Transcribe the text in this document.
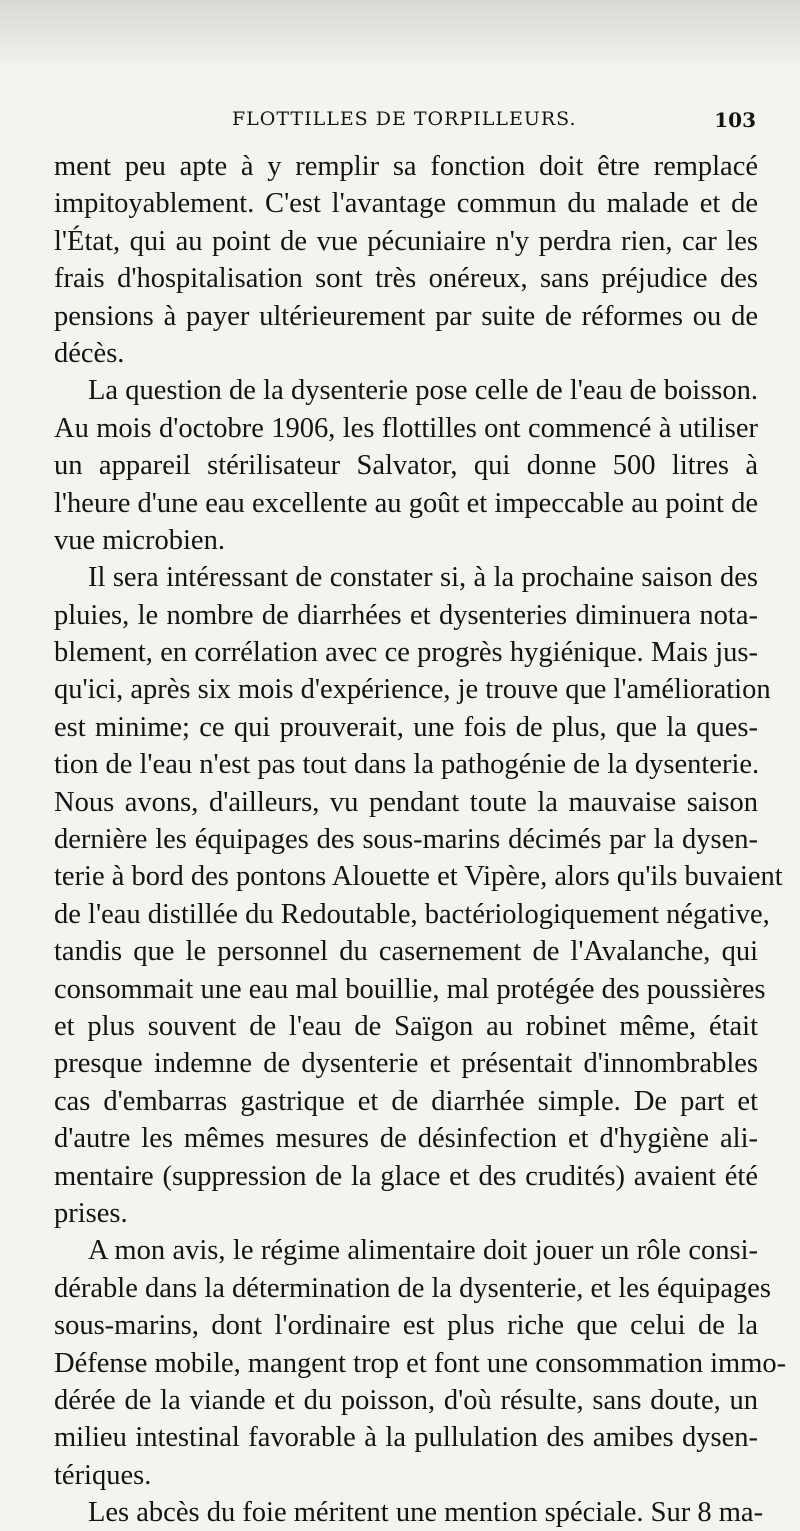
FLOTTILLES DE TORPILLEURS.	103
ment peu apte à y remplir sa fonction doit être remplacé
impitoyablement. C'est l'avantage commun du malade et de
l'État, qui au point de vue pécuniaire n'y perdra rien, car les
frais d'hospitalisation sont très onéreux, sans préjudice des
pensions à payer ultérieurement par suite de réformes ou de
décès.
La question de la dysenterie pose celle de l'eau de boisson.
Au mois d'octobre 1906, les flottilles ont commencé à utiliser
un appareil stérilisateur Salvator, qui donne 500 litres à
l'heure d'une eau excellente au goût et impeccable au point de
vue microbien.
Il sera intéressant de constater si, à la prochaine saison des
pluies, le nombre de diarrhées et dysenteries diminuera nota-
blement, en corrélation avec ce progrès hygiénique. Mais jus-
qu'ici, après six mois d'expérience, je trouve que l'amélioration
est minime; ce qui prouverait, une fois de plus, que la ques-
tion de l'eau n'est pas tout dans la pathogénie de la dysenterie.
Nous avons, d'ailleurs, vu pendant toute la mauvaise saison
dernière les équipages des sous-marins décimés par la dysen-
terie à bord des pontons Alouette et Vipère, alors qu'ils buvaient
de l'eau distillée du Redoutable, bactériologiquement négative,
tandis que le personnel du casernement de l'Avalanche, qui
consommait une eau mal bouillie, mal protégée des poussières
et plus souvent de l'eau de Saïgon au robinet même, était
presque indemne de dysenterie et présentait d'innombrables
cas d'embarras gastrique et de diarrhée simple. De part et
d'autre les mêmes mesures de désinfection et d'hygiène ali-
mentaire (suppression de la glace et des crudités) avaient été
prises.
A mon avis, le régime alimentaire doit jouer un rôle consi-
dérable dans la détermination de la dysenterie, et les équipages
sous-marins, dont l'ordinaire est plus riche que celui de la
Défense mobile, mangent trop et font une consommation immo-
dérée de la viande et du poisson, d'où résulte, sans doute, un
milieu intestinal favorable à la pullulation des amibes dysen-
tériques.
Les abcès du foie méritent une mention spéciale. Sur 8 ma-
